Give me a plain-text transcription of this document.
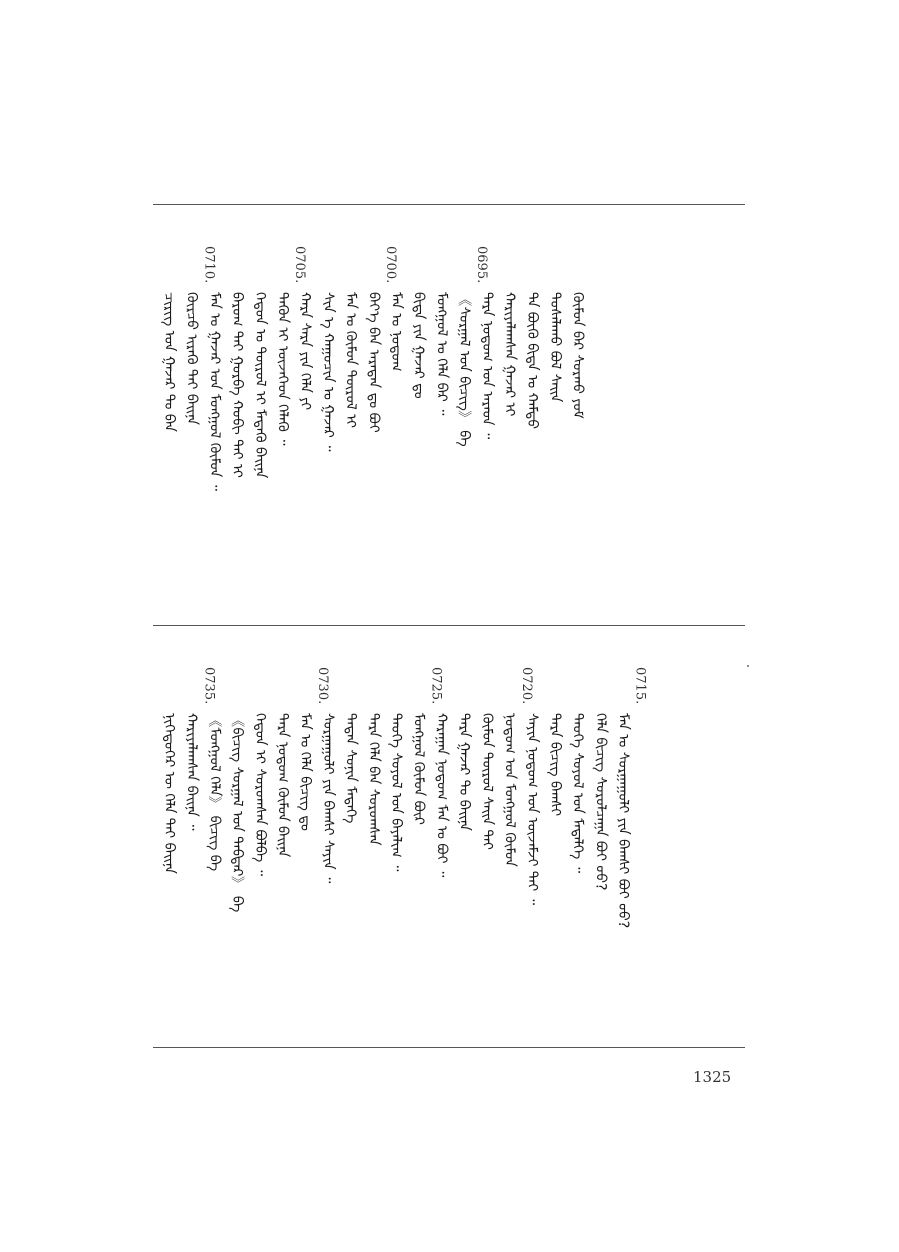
ᠴᠢᠷᠢᠭ ᠤᠨ ᠭᠠᠵᠠᠷ ᠲᠤ ᠪᠡᠨ ᠬᠦᠷᠴᠦ ᠢᠷᠡᠬᠦ ᠲᠠᠢ ᠪᠠᠢᠨᠠ
0710.
ᠮᠠᠨ ᠤ ᠭᠠᠵᠠᠷ ᠤᠨ ᠮᠣᠩᠭᠣᠯ ᠬᠦᠮᠦᠨ ᠃ ᠪᠠᠷᠤᠭ ᠲᠠᠢ ᠭᠤᠷᠪᠠ ᠬᠤᠪᠢ ᠲᠠᠢ ᠢ ᠬᠡᠳᠦᠨ ᠤ ᠲᠦᠷᠦᠯ ᠢ ᠮᠡᠳᠡᠬᠦ ᠪᠠᠢᠨᠠ ᠲᠡᠭᠦᠨ ᠢ ᠦᠵᠡᠭᠡᠳ ᠬᠡᠯᠡᠬᠦ ᠃
0705.
ᠬᠠᠷᠠ ᠰᠠᠷᠠ ᠶᠢᠨ ᠬᠡᠯᠡ ᠶᠢ ᠰᠢᠨ ᠡ ᠬᠠᠭᠤᠴᠢᠨ ᠤ ᠭᠠᠵᠠᠷ ᠃ ᠮᠠᠨ ᠤ ᠬᠦᠮᠦᠨ ᠲᠦᠷᠦᠯ ᠢ ᠪᠡᠶ᠎ᠡ ᠪᠡᠨ ᠠᠷᠠᠲᠠᠨ ᠳᠤ ᠪᠤᠢ
0700.
ᠮᠠᠨ ᠤ ᠨᠤᠲᠤᠭ ᠪᠢᠳᠡ ᠶᠢᠨ ᠭᠠᠵᠠᠷ ᠳᠤ ᠮᠤᠩᠭᠤᠯ ᠤ ᠬᠡᠯᠡ ᠪᠡᠷ ᠃ 《ᠰᠤᠷᠭᠠᠯ ᠤᠨ ᠪᠢᠴᠢᠭ》 ᠪᠠ
0695.
ᠲᠡᠷᠡ ᠨᠤᠲᠤᠭ ᠤᠨ ᠠᠷᠠᠳ ᠃ ᠬᠠᠷᠢᠶᠠᠯᠠᠭᠰᠠᠨ ᠭᠠᠵᠠᠷ ᠢ ᠲᠡ ᠪᠦᠬᠦ ᠪᠢᠳᠡ ᠤ ᠬᠠᠮᠲᠤ ᠲᠤᠰᠠᠯᠠᠬᠤ ᠪᠤᠯ ᠰᠠᠢᠨ ᠬᠦᠮᠦᠨ ᠪᠡᠷ ᠰᠤᠷᠬᠤ ᠶᠤᠮ
ᠨᠢᠭᠡᠳᠦᠭᠡᠷ ᠦ ᠬᠡᠯᠡ ᠲᠠᠢ ᠪᠠᠢᠨᠠ ᠬᠠᠷᠢᠶᠠᠯᠠᠭᠰᠠᠨ ᠪᠠᠢᠨᠠ ᠃
0735.
《ᠮᠣᠩᠭᠣᠯ ᠬᠡᠯᠡ》 ᠪᠢᠴᠢᠭ ᠪᠠ 《ᠪᠢᠴᠢᠭ ᠰᠤᠷᠭᠠᠯ ᠤᠨ ᠳᠡᠪᠲᠡᠷ》 ᠪᠠ ᠬᠡᠳᠦᠨ ᠢ ᠰᠤᠷᠤᠭᠰᠠᠨ ᠪᠣᠯᠪᠠ ᠃ ᠲᠡᠷᠡ ᠨᠤᠲᠤᠭ ᠬᠦᠮᠦᠨ ᠪᠠᠢᠨᠠ ᠮᠠᠨ ᠤ ᠬᠡᠯᠡ ᠪᠢᠴᠢᠭ ᠳᠤ
0730.
ᠰᠤᠷᠭᠠᠭᠤᠯᠢ ᠶᠢᠨ ᠪᠠᠭᠰᠢ ᠰᠠᠶᠢᠨ ᠃ ᠲᠡᠳᠡᠨ ᠰᠣᠨᠢᠨ ᠮᠡᠳᠡᠭᠡ ᠲᠡᠷᠡ ᠬᠡᠯᠡ ᠪᠡᠨ ᠰᠤᠷᠤᠭᠰᠠᠨ ᠲᠡᠦᠬᠡ ᠰᠣᠶᠣᠯ ᠤᠨ ᠪᠠᠶᠠᠯᠢᠭ ᠃ ᠮᠣᠩᠭᠣᠯ ᠬᠦᠮᠦᠨ ᠪᠦᠷ
0725.
ᠬᠠᠷᠠᠭᠠᠨ ᠨᠤᠲᠤᠭ ᠮᠠᠨ ᠤ ᠪᠤᠢ ᠃ ᠲᠡᠷᠡ ᠭᠠᠵᠠᠷ ᠲᠤ ᠪᠠᠢᠨᠠ ᠬᠦᠮᠦᠨ ᠲᠦᠷᠦᠯ ᠰᠠᠢᠨ ᠲᠠᠢ ᠨᠤᠲᠤᠭ ᠤᠨ ᠮᠣᠩᠭᠣᠯ ᠬᠦᠮᠦᠨ
0720.
ᠰᠠᠶᠢᠨ ᠨᠤᠲᠤᠭ ᠤᠨ ᠦᠵᠡᠮᠵᠢ ᠲᠠᠢ ᠃ ᠲᠡᠷᠡ ᠪᠢᠴᠢᠭ ᠪᠠᠭᠰᠢ ᠲᠡᠦᠬᠡ ᠰᠣᠶᠣᠯ ᠤᠨ ᠮᠡᠳᠡᠯᠭᠡ ᠃ ᠬᠡᠯᠡ ᠪᠢᠴᠢᠭ ᠰᠤᠷᠤᠯᠴᠠᠭᠠ ᠪᠤᠢ ᠤᠤ? ᠮᠠᠨ ᠤ ᠰᠤᠷᠭᠠᠭᠤᠯᠢ ᠶᠢᠨ ᠪᠠᠭᠰᠢ ᠪᠤᠢ ᠤᠤ?
0715.
1325
